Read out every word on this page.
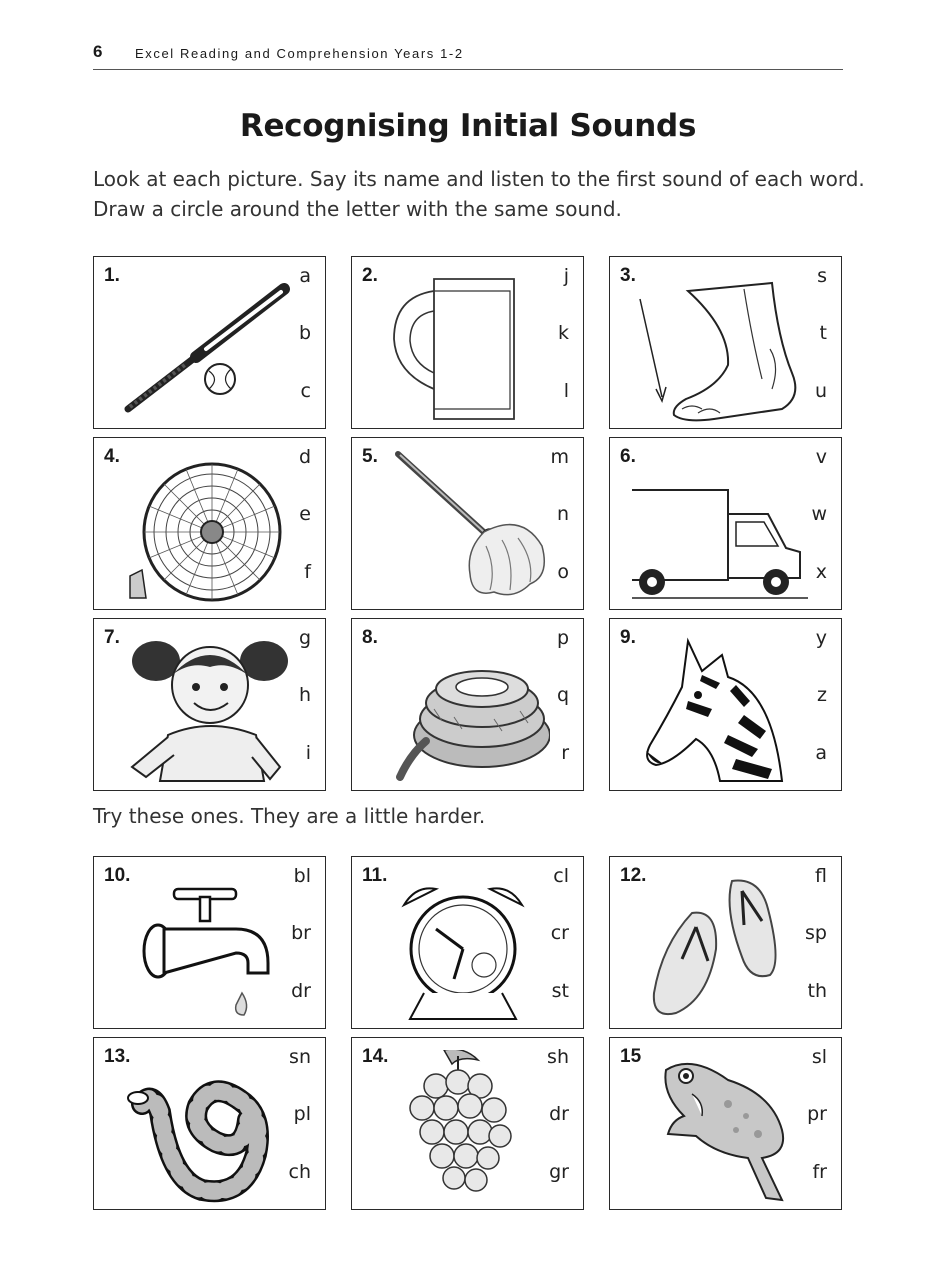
6	Excel Reading and Comprehension Years 1-2
Recognising Initial Sounds
Look at each picture. Say its name and listen to the first sound of each word.
Draw a circle around the letter with the same sound.
Try these ones. They are a little harder.
1.	a
b
c
2.	j
k
l
3.	s
t
u
4.	d
e
f
5.	m
n
o
6.	v
w
x
7.	g
h
i
8.	p
q
r
9.	y
z
a
10.	bl
br
dr
11.	cl
cr
st
12.	fl
sp
th
13.	sn
pl
ch
14.	sh
dr
gr
15	sl
pr
fr
